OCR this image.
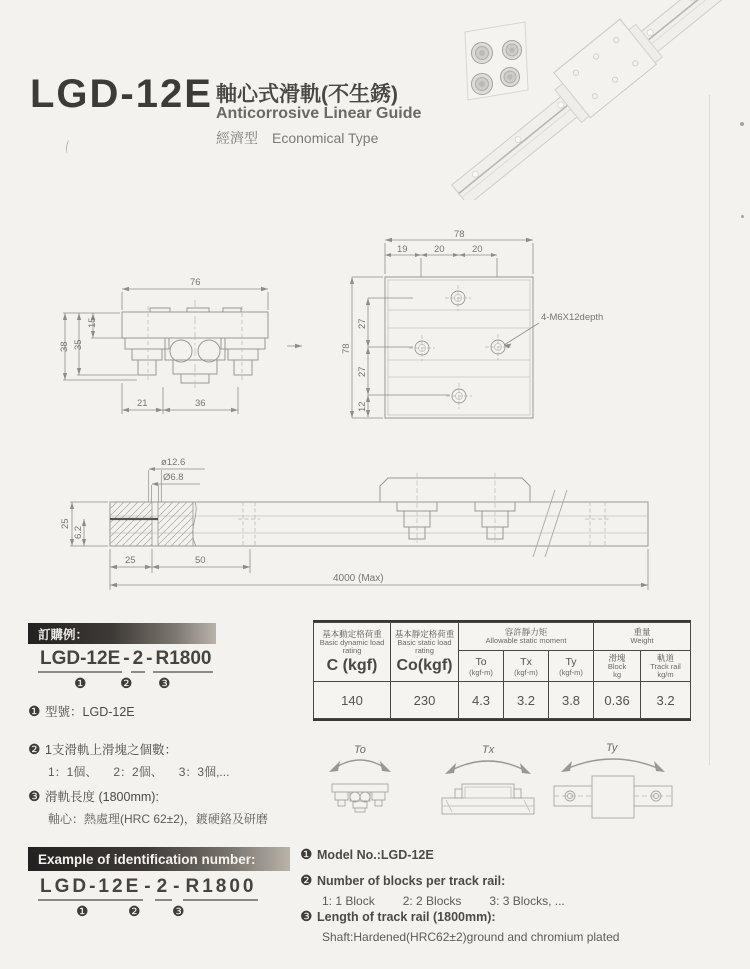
LGD-12E 軸心式滑軌(不生銹)
Anticorrosive Linear Guide
經濟型 Economical Type
76
15
35
38
21	36
78
19	20	20
78
27
27
12
4-M6X12depth
ø12.6
Ø6.8
25
6.2
25	50
4000 (Max)
訂購例：
LGD-12E - 2 - R1800
❶ ❷ ❸
❶ 型號：LGD-12E
❷ 1支滑軌上滑塊之個數：
1：1個、 2：2個、 3：3個,...
❸ 滑軌長度 (1800mm):
軸心：熱處理(HRC 62±2)，鍍硬鉻及研磨
基本動定格荷重
Basic dynamic load rating
C (kgf)

基本靜定格荷重
Basic static load rating
Co(kgf)

容許靜力矩
Allowable static moment

重量
Weight

To
(kgf-m)

Tx
(kgf-m)

Ty
(kgf-m)

滑塊
Block
kg

軌道
Track rail
kg/m

140	230	4.3	3.2	3.8	0.36	3.2
To	Tx	Ty
Example of identification number:
LGD-12E - 2 - R1800
❶	❷ ❸
❶ Model No.:LGD-12E
❷ Number of blocks per track rail:
1: 1 Block 2: 2 Blocks 3: 3 Blocks, ...
❸ Length of track rail (1800mm):
Shaft:Hardened(HRC62±2)ground and chromium plated
